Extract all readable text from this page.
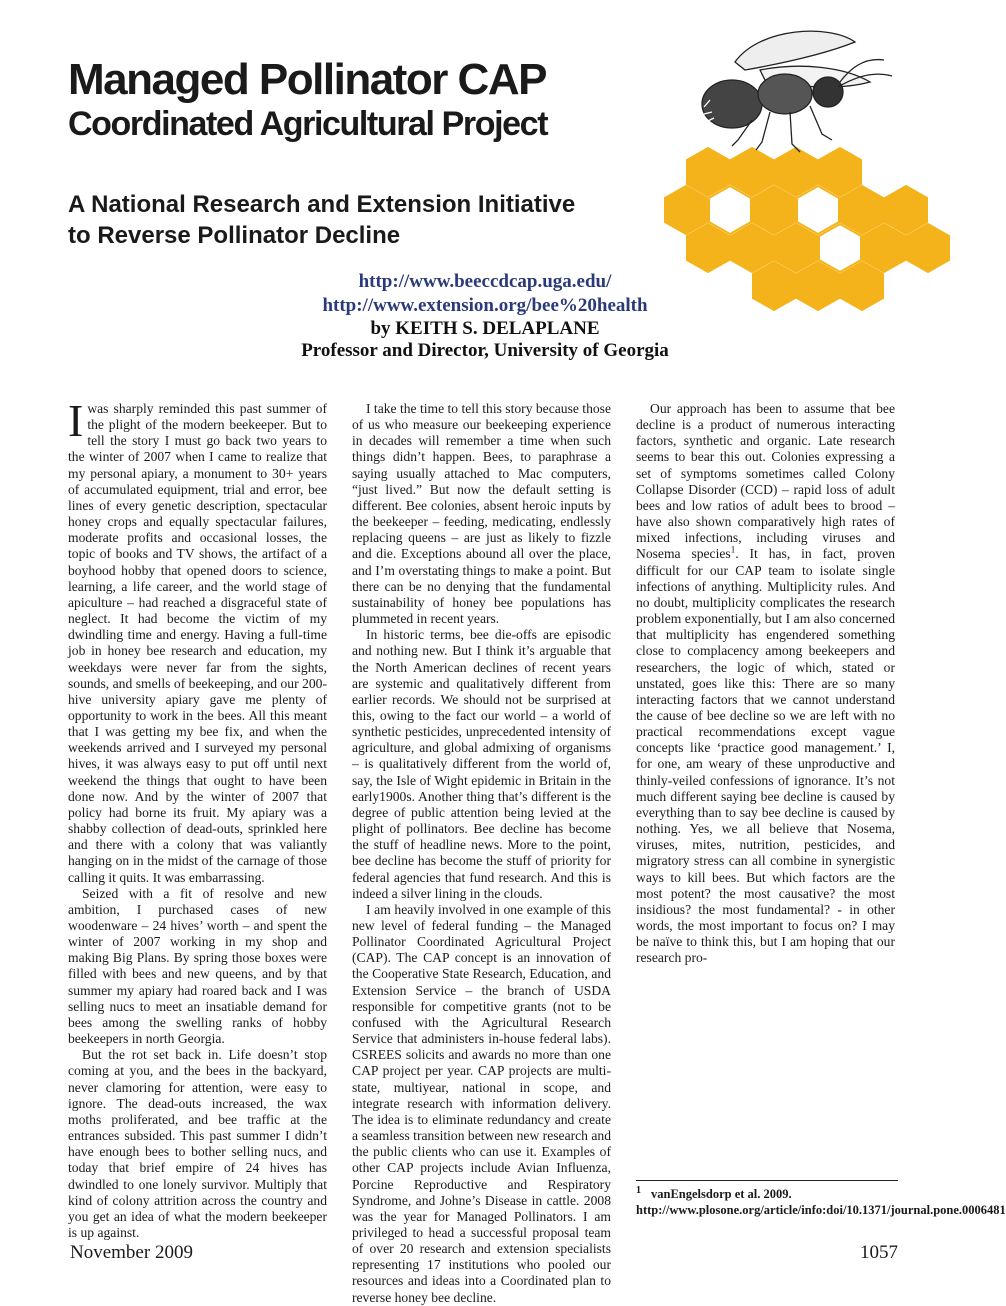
Managed Pollinator CAP
Coordinated Agricultural Project
A National Research and Extension Initiative
to Reverse Pollinator Decline
http://www.beeccdcap.uga.edu/
http://www.extension.org/bee%20health
by KEITH S. DELAPLANE
Professor and Director, University of Georgia

Iwas sharply reminded this past summer of the plight of the modern beekeeper. But to tell the story I must go back two years to the winter of 2007 when I came to realize that my personal apiary, a monument to 30+ years of accumulated equipment, trial and error, bee lines of every genetic description, spectacular honey crops and equally spectacular failures, moderate profits and occasional losses, the topic of books and TV shows, the artifact of a boyhood hobby that opened doors to science, learning, a life career, and the world stage of apiculture – had reached a disgraceful state of neglect. It had become the victim of my dwindling time and energy. Having a full-time job in honey bee research and education, my weekdays were never far from the sights, sounds, and smells of beekeeping, and our 200-hive university apiary gave me plenty of opportunity to work in the bees. All this meant that I was getting my bee fix, and when the weekends arrived and I surveyed my personal hives, it was always easy to put off until next weekend the things that ought to have been done now. And by the winter of 2007 that policy had borne its fruit. My apiary was a shabby collection of dead-outs, sprinkled here and there with a colony that was valiantly hanging on in the midst of the carnage of those calling it quits. It was embarrassing.

Seized with a fit of resolve and new ambition, I purchased cases of new woodenware – 24 hives’ worth – and spent the winter of 2007 working in my shop and making Big Plans. By spring those boxes were filled with bees and new queens, and by that summer my apiary had roared back and I was selling nucs to meet an insatiable demand for bees among the swelling ranks of hobby beekeepers in north Georgia.

But the rot set back in. Life doesn’t stop coming at you, and the bees in the backyard, never clamoring for attention, were easy to ignore. The dead-outs increased, the wax moths proliferated, and bee traffic at the entrances subsided. This past summer I didn’t have enough bees to bother selling nucs, and today that brief empire of 24 hives has dwindled to one lonely survivor. Multiply that kind of colony attrition across the country and you get an idea of what the modern beekeeper is up against.

I take the time to tell this story because those of us who measure our beekeeping experience in decades will remember a time when such things didn’t happen. Bees, to paraphrase a saying usually attached to Mac computers, “just lived.” But now the default setting is different. Bee colonies, absent heroic inputs by the beekeeper – feeding, medicating, endlessly replacing queens – are just as likely to fizzle and die. Exceptions abound all over the place, and I’m overstating things to make a point. But there can be no denying that the fundamental sustainability of honey bee populations has plummeted in recent years.

In historic terms, bee die-offs are episodic and nothing new. But I think it’s arguable that the North American declines of recent years are systemic and qualitatively different from earlier records. We should not be surprised at this, owing to the fact our world – a world of synthetic pesticides, unprecedented intensity of agriculture, and global admixing of organisms – is qualitatively different from the world of, say, the Isle of Wight epidemic in Britain in the early1900s. Another thing that’s different is the degree of public attention being levied at the plight of pollinators. Bee decline has become the stuff of headline news. More to the point, bee decline has become the stuff of priority for federal agencies that fund research. And this is indeed a silver lining in the clouds.

I am heavily involved in one example of this new level of federal funding – the Managed Pollinator Coordinated Agricultural Project (CAP). The CAP concept is an innovation of the Cooperative State Research, Education, and Extension Service – the branch of USDA responsible for competitive grants (not to be confused with the Agricultural Research Service that administers in-house federal labs). CSREES solicits and awards no more than one CAP project per year. CAP projects are multi-state, multiyear, national in scope, and integrate research with information delivery. The idea is to eliminate redundancy and create a seamless transition between new research and the public clients who can use it. Examples of other CAP projects include Avian Influenza, Porcine Reproductive and Respiratory Syndrome, and Johne’s Disease in cattle. 2008 was the year for Managed Pollinators. I am privileged to head a successful proposal team of over 20 research and extension specialists representing 17 institutions who pooled our resources and ideas into a Coordinated plan to reverse honey bee decline.

Our approach has been to assume that bee decline is a product of numerous interacting factors, synthetic and organic. Late research seems to bear this out. Colonies expressing a set of symptoms sometimes called Colony Collapse Disorder (CCD) – rapid loss of adult bees and low ratios of adult bees to brood – have also shown comparatively high rates of mixed infections, including viruses and Nosema species$^1$. It has, in fact, proven difficult for our CAP team to isolate single infections of anything. Multiplicity rules. And no doubt, multiplicity complicates the research problem exponentially, but I am also concerned that multiplicity has engendered something close to complacency among beekeepers and researchers, the logic of which, stated or unstated, goes like this: There are so many interacting factors that we cannot understand the cause of bee decline so we are left with no practical recommendations except vague concepts like ‘practice good management.’ I, for one, am weary of these unproductive and thinly-veiled confessions of ignorance. It’s not much different saying bee decline is caused by everything than to say bee decline is caused by nothing. Yes, we all believe that Nosema, viruses, mites, nutrition, pesticides, and migratory stress can all combine in synergistic ways to kill bees. But which factors are the most potent? the most causative? the most insidious? the most fundamental? - in other words, the most important to focus on? I may be naïve to think this, but I am hoping that our research pro-

$^1$ vanEngelsdorp et al. 2009. http://www.plosone.org/article/info:doi/10.1371/journal.pone.0006481
November 2009	1057
